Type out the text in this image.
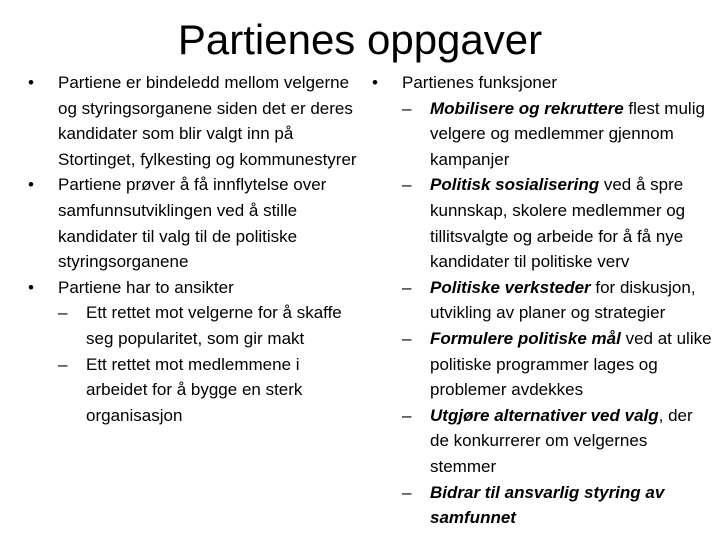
Partienes oppgaver
•	Partiene er bindeledd mellom velgerne og styringsorganene siden det er deres kandidater som blir valgt inn på Stortinget, fylkesting og kommunestyrer
•	Partiene prøver å få innflytelse over samfunnsutviklingen ved å stille kandidater til valg til de politiske styringsorganene
•	Partiene har to ansikter
–	Ett rettet mot velgerne for å skaffe seg popularitet, som gir makt
–	Ett rettet mot medlemmene i arbeidet for å bygge en sterk organisasjon
•	Partienes funksjoner
–	Mobilisere og rekruttere flest mulig velgere og medlemmer gjennom kampanjer
–	Politisk sosialisering ved å spre kunnskap, skolere medlemmer og tillitsvalgte og arbeide for å få nye kandidater til politiske verv
–	Politiske verksteder for diskusjon, utvikling av planer og strategier
–	Formulere politiske mål ved at ulike politiske programmer lages og problemer avdekkes
–	Utgjøre alternativer ved valg, der de konkurrerer om velgernes stemmer
–	Bidrar til ansvarlig styring av samfunnet
